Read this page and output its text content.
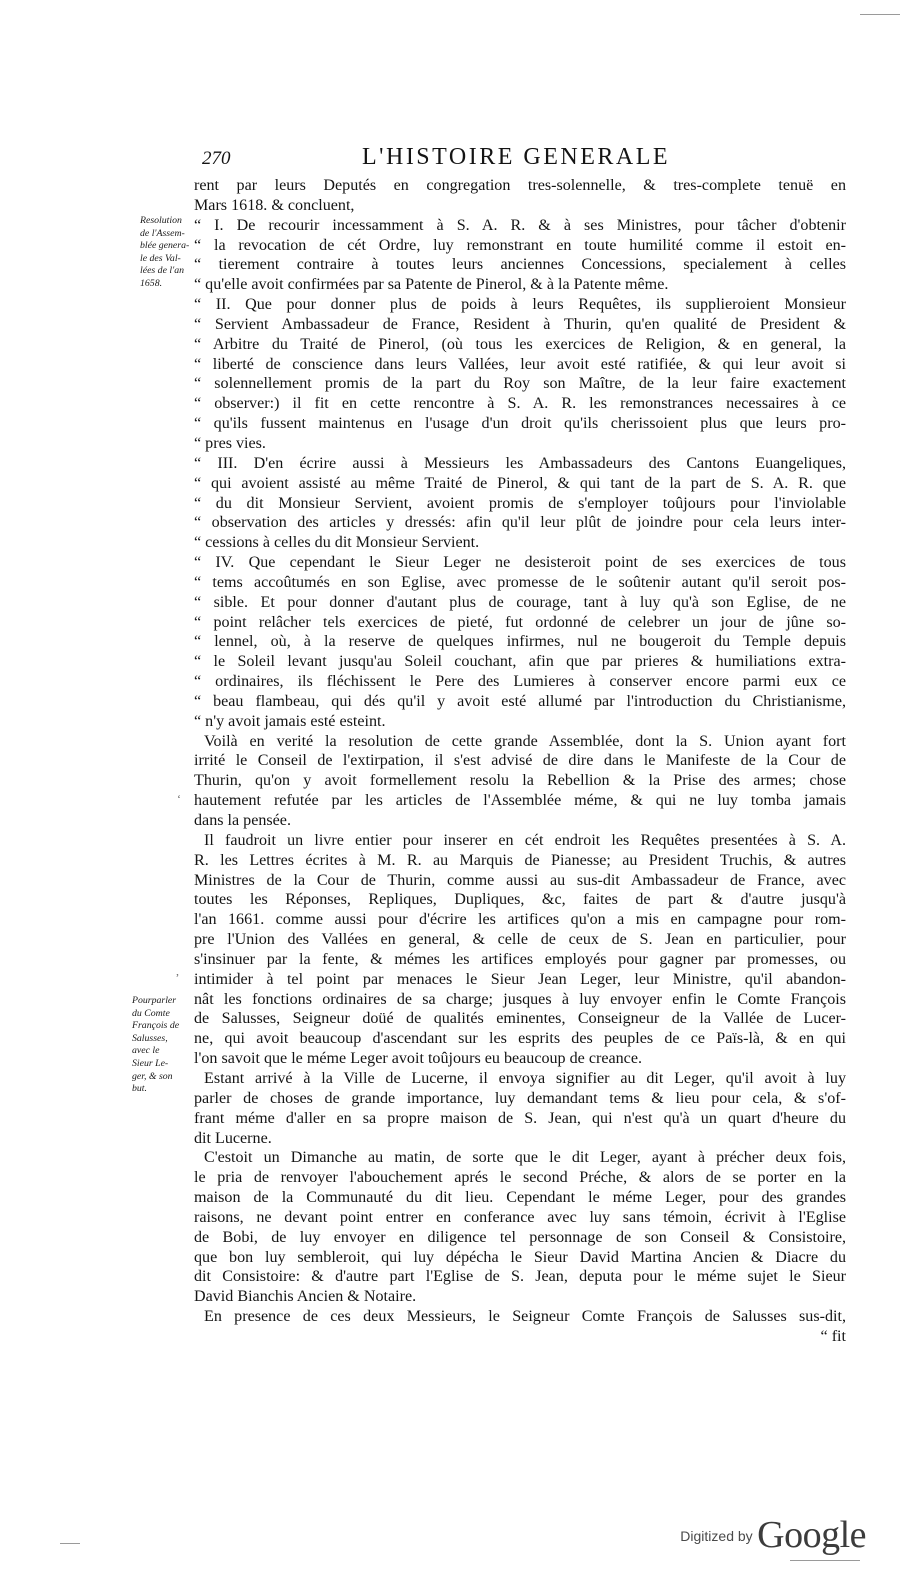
270	L'HISTOIRE GENERALE
Resolution
de l'Assem-
blée genera-
le des Val-
lées de l'an
1658.
Pourparler
du Comte
François de
Salusses,
avec le
Sieur Le-
ger, & son
but.
‘
,
rent par leurs Deputés en congregation tres-solennelle, & tres-complete tenuë en
Mars 1618. & concluent,
“ I. De recourir incessamment à S. A. R. & à ses Ministres, pour tâcher d'obtenir
“ la revocation de cét Ordre, luy remonstrant en toute humilité comme il estoit en-
“ tierement contraire à toutes leurs anciennes Concessions, specialement à celles
“ qu'elle avoit confirmées par sa Patente de Pinerol, & à la Patente même.
“ II. Que pour donner plus de poids à leurs Requêtes, ils supplieroient Monsieur
“ Servient Ambassadeur de France, Resident à Thurin, qu'en qualité de President &
“ Arbitre du Traité de Pinerol, (où tous les exercices de Religion, & en general, la
“ liberté de conscience dans leurs Vallées, leur avoit esté ratifiée, & qui leur avoit si
“ solennellement promis de la part du Roy son Maître, de la leur faire exactement
“ observer:) il fit en cette rencontre à S. A. R. les remonstrances necessaires à ce
“ qu'ils fussent maintenus en l'usage d'un droit qu'ils cherissoient plus que leurs pro-
“ pres vies.
“ III. D'en écrire aussi à Messieurs les Ambassadeurs des Cantons Euangeliques,
“ qui avoient assisté au même Traité de Pinerol, & qui tant de la part de S. A. R. que
“ du dit Monsieur Servient, avoient promis de s'employer toûjours pour l'inviolable
“ observation des articles y dressés: afin qu'il leur plût de joindre pour cela leurs inter-
“ cessions à celles du dit Monsieur Servient.
“ IV. Que cependant le Sieur Leger ne desisteroit point de ses exercices de tous
“ tems accoûtumés en son Eglise, avec promesse de le soûtenir autant qu'il seroit pos-
“ sible. Et pour donner d'autant plus de courage, tant à luy qu'à son Eglise, de ne
“ point relâcher tels exercices de pieté, fut ordonné de celebrer un jour de jûne so-
“ lennel, où, à la reserve de quelques infirmes, nul ne bougeroit du Temple depuis
“ le Soleil levant jusqu'au Soleil couchant, afin que par prieres & humiliations extra-
“ ordinaires, ils fléchissent le Pere des Lumieres à conserver encore parmi eux ce
“ beau flambeau, qui dés qu'il y avoit esté allumé par l'introduction du Christianisme,
“ n'y avoit jamais esté esteint.
Voilà en verité la resolution de cette grande Assemblée, dont la S. Union ayant fort
irrité le Conseil de l'extirpation, il s'est advisé de dire dans le Manifeste de la Cour de
Thurin, qu'on y avoit formellement resolu la Rebellion & la Prise des armes; chose
hautement refutée par les articles de l'Assemblée méme, & qui ne luy tomba jamais
dans la pensée.
Il faudroit un livre entier pour inserer en cét endroit les Requêtes presentées à S. A.
R. les Lettres écrites à M. R. au Marquis de Pianesse; au President Truchis, & autres
Ministres de la Cour de Thurin, comme aussi au sus-dit Ambassadeur de France, avec
toutes les Réponses, Repliques, Dupliques, &c, faites de part & d'autre jusqu'à
l'an 1661. comme aussi pour d'écrire les artifices qu'on a mis en campagne pour rom-
pre l'Union des Vallées en general, & celle de ceux de S. Jean en particulier, pour
s'insinuer par la fente, & mémes les artifices employés pour gagner par promesses, ou
intimider à tel point par menaces le Sieur Jean Leger, leur Ministre, qu'il abandon-
nât les fonctions ordinaires de sa charge; jusques à luy envoyer enfin le Comte François
de Salusses, Seigneur doüé de qualités eminentes, Conseigneur de la Vallée de Lucer-
ne, qui avoit beaucoup d'ascendant sur les esprits des peuples de ce Païs-là, & en qui
l'on savoit que le méme Leger avoit toûjours eu beaucoup de creance.
Estant arrivé à la Ville de Lucerne, il envoya signifier au dit Leger, qu'il avoit à luy
parler de choses de grande importance, luy demandant tems & lieu pour cela, & s'of-
frant méme d'aller en sa propre maison de S. Jean, qui n'est qu'à un quart d'heure du
dit Lucerne.
C'estoit un Dimanche au matin, de sorte que le dit Leger, ayant à précher deux fois,
le pria de renvoyer l'abouchement aprés le second Préche, & alors de se porter en la
maison de la Communauté du dit lieu. Cependant le méme Leger, pour des grandes
raisons, ne devant point entrer en conferance avec luy sans témoin, écrivit à l'Eglise
de Bobi, de luy envoyer en diligence tel personnage de son Conseil & Consistoire,
que bon luy sembleroit, qui luy dépécha le Sieur David Martina Ancien & Diacre du
dit Consistoire: & d'autre part l'Eglise de S. Jean, deputa pour le méme sujet le Sieur
David Bianchis Ancien & Notaire.
En presence de ces deux Messieurs, le Seigneur Comte François de Salusses sus-dit,
“ fit
Digitized by Google
